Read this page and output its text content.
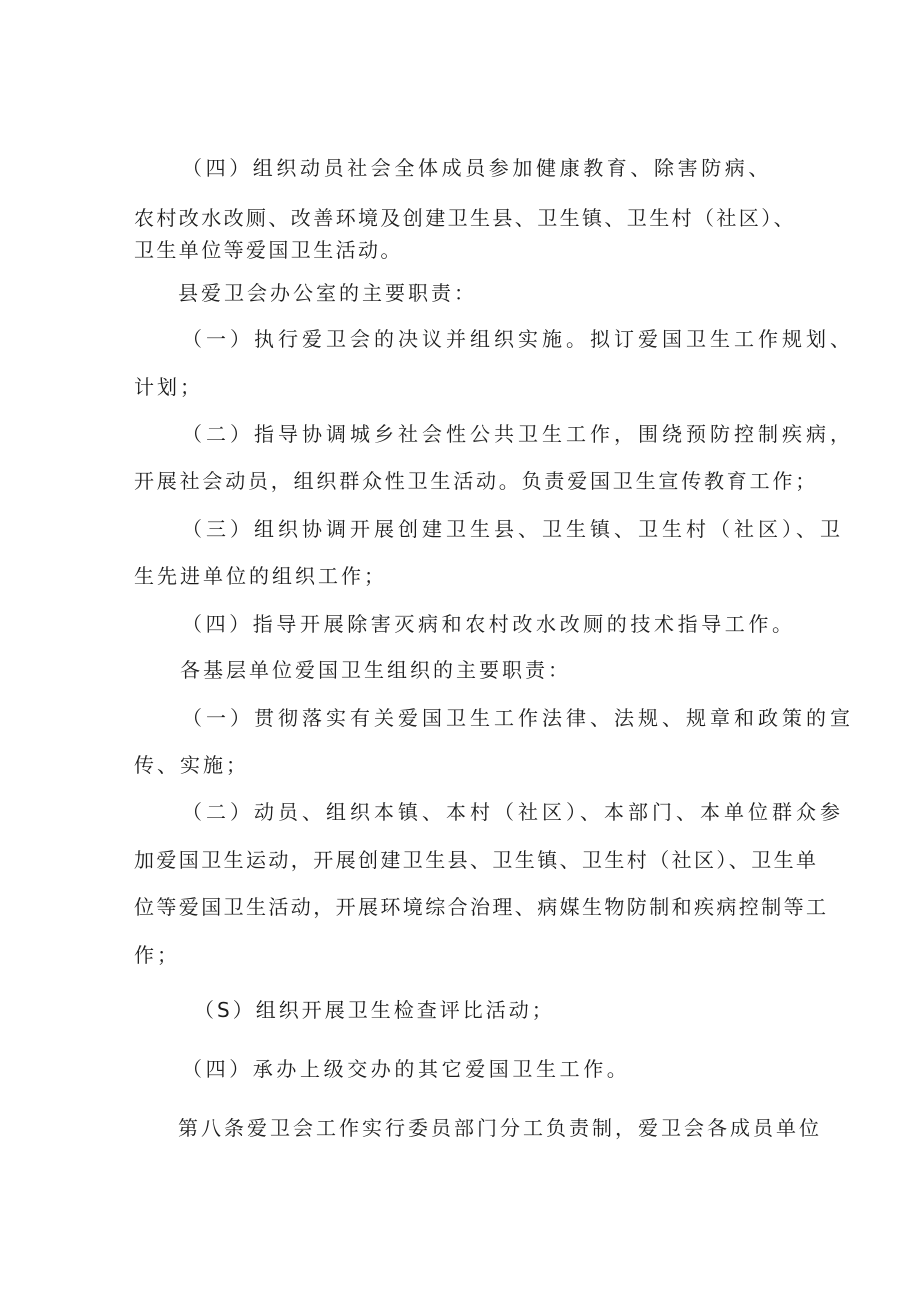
（四）组织动员社会全体成员参加健康教育、除害防病、
农村改水改厕、改善环境及创建卫生县、卫生镇、卫生村（社区）、
卫生单位等爱国卫生活动。
县爱卫会办公室的主要职责：
（一）执行爱卫会的决议并组织实施。拟订爱国卫生工作规划、
计划；
（二）指导协调城乡社会性公共卫生工作，围绕预防控制疾病，
开展社会动员，组织群众性卫生活动。负责爱国卫生宣传教育工作；
（三）组织协调开展创建卫生县、卫生镇、卫生村（社区）、卫
生先进单位的组织工作；
（四）指导开展除害灭病和农村改水改厕的技术指导工作。
各基层单位爱国卫生组织的主要职责：
（一）贯彻落实有关爱国卫生工作法律、法规、规章和政策的宣
传、实施；
（二）动员、组织本镇、本村（社区）、本部门、本单位群众参
加爱国卫生运动，开展创建卫生县、卫生镇、卫生村（社区）、卫生单
位等爱国卫生活动，开展环境综合治理、病媒生物防制和疾病控制等工
作；
（S）组织开展卫生检查评比活动；
（四）承办上级交办的其它爱国卫生工作。
第八条爱卫会工作实行委员部门分工负责制，爱卫会各成员单位
